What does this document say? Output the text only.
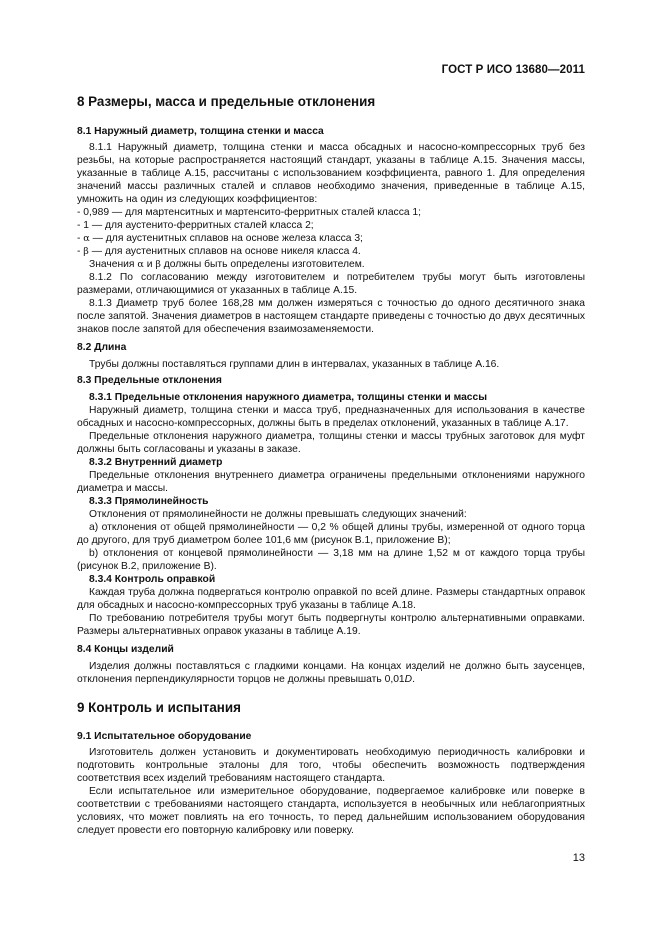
ГОСТ Р ИСО 13680—2011
8 Размеры, масса и предельные отклонения
8.1 Наружный диаметр, толщина стенки и масса

8.1.1 Наружный диаметр, толщина стенки и масса обсадных и насосно-компрессорных труб без резьбы, на которые распространяется настоящий стандарт, указаны в таблице А.15. Значения массы, указанные в таблице А.15, рассчитаны с использованием коэффициента, равного 1. Для определения значений массы различных сталей и сплавов необходимо значения, приведенные в таблице А.15, умножить на один из следующих коэффициентов:

- 0,989 — для мартенситных и мартенсито-ферритных сталей класса 1;

- 1 — для аустенито-ферритных сталей класса 2;

- α — для аустенитных сплавов на основе железа класса 3;

- β — для аустенитных сплавов на основе никеля класса 4.

Значения α и β должны быть определены изготовителем.

8.1.2 По согласованию между изготовителем и потребителем трубы могут быть изготовлены размерами, отличающимися от указанных в таблице А.15.

8.1.3 Диаметр труб более 168,28 мм должен измеряться с точностью до одного десятичного знака после запятой. Значения диаметров в настоящем стандарте приведены с точностью до двух десятичных знаков после запятой для обеспечения взаимозаменяемости.

8.2 Длина

Трубы должны поставляться группами длин в интервалах, указанных в таблице А.16.

8.3 Предельные отклонения
8.3.1 Предельные отклонения наружного диаметра, толщины стенки и массы

Наружный диаметр, толщина стенки и масса труб, предназначенных для использования в качестве обсадных и насосно-компрессорных, должны быть в пределах отклонений, указанных в таблице А.17.

Предельные отклонения наружного диаметра, толщины стенки и массы трубных заготовок для муфт должны быть согласованы и указаны в заказе.

8.3.2 Внутренний диаметр

Предельные отклонения внутреннего диаметра ограничены предельными отклонениями наружного диаметра и массы.

8.3.3 Прямолинейность

Отклонения от прямолинейности не должны превышать следующих значений:

a) отклонения от общей прямолинейности — 0,2 % общей длины трубы, измеренной от одного торца до другого, для труб диаметром более 101,6 мм (рисунок В.1, приложение В);

b) отклонения от концевой прямолинейности — 3,18 мм на длине 1,52 м от каждого торца трубы (рисунок В.2, приложение В).

8.3.4 Контроль оправкой

Каждая труба должна подвергаться контролю оправкой по всей длине. Размеры стандартных оправок для обсадных и насосно-компрессорных труб указаны в таблице А.18.

По требованию потребителя трубы могут быть подвергнуты контролю альтернативными оправками. Размеры альтернативных оправок указаны в таблице А.19.

8.4 Концы изделий

Изделия должны поставляться с гладкими концами. На концах изделий не должно быть заусенцев, отклонения перпендикулярности торцов не должны превышать 0,01D.

9 Контроль и испытания
9.1 Испытательное оборудование

Изготовитель должен установить и документировать необходимую периодичность калибровки и подготовить контрольные эталоны для того, чтобы обеспечить возможность подтверждения соответствия всех изделий требованиям настоящего стандарта.

Если испытательное или измерительное оборудование, подвергаемое калибровке или поверке в соответствии с требованиями настоящего стандарта, используется в необычных или неблагоприятных условиях, что может повлиять на его точность, то перед дальнейшим использованием оборудования следует провести его повторную калибровку или поверку.

13
